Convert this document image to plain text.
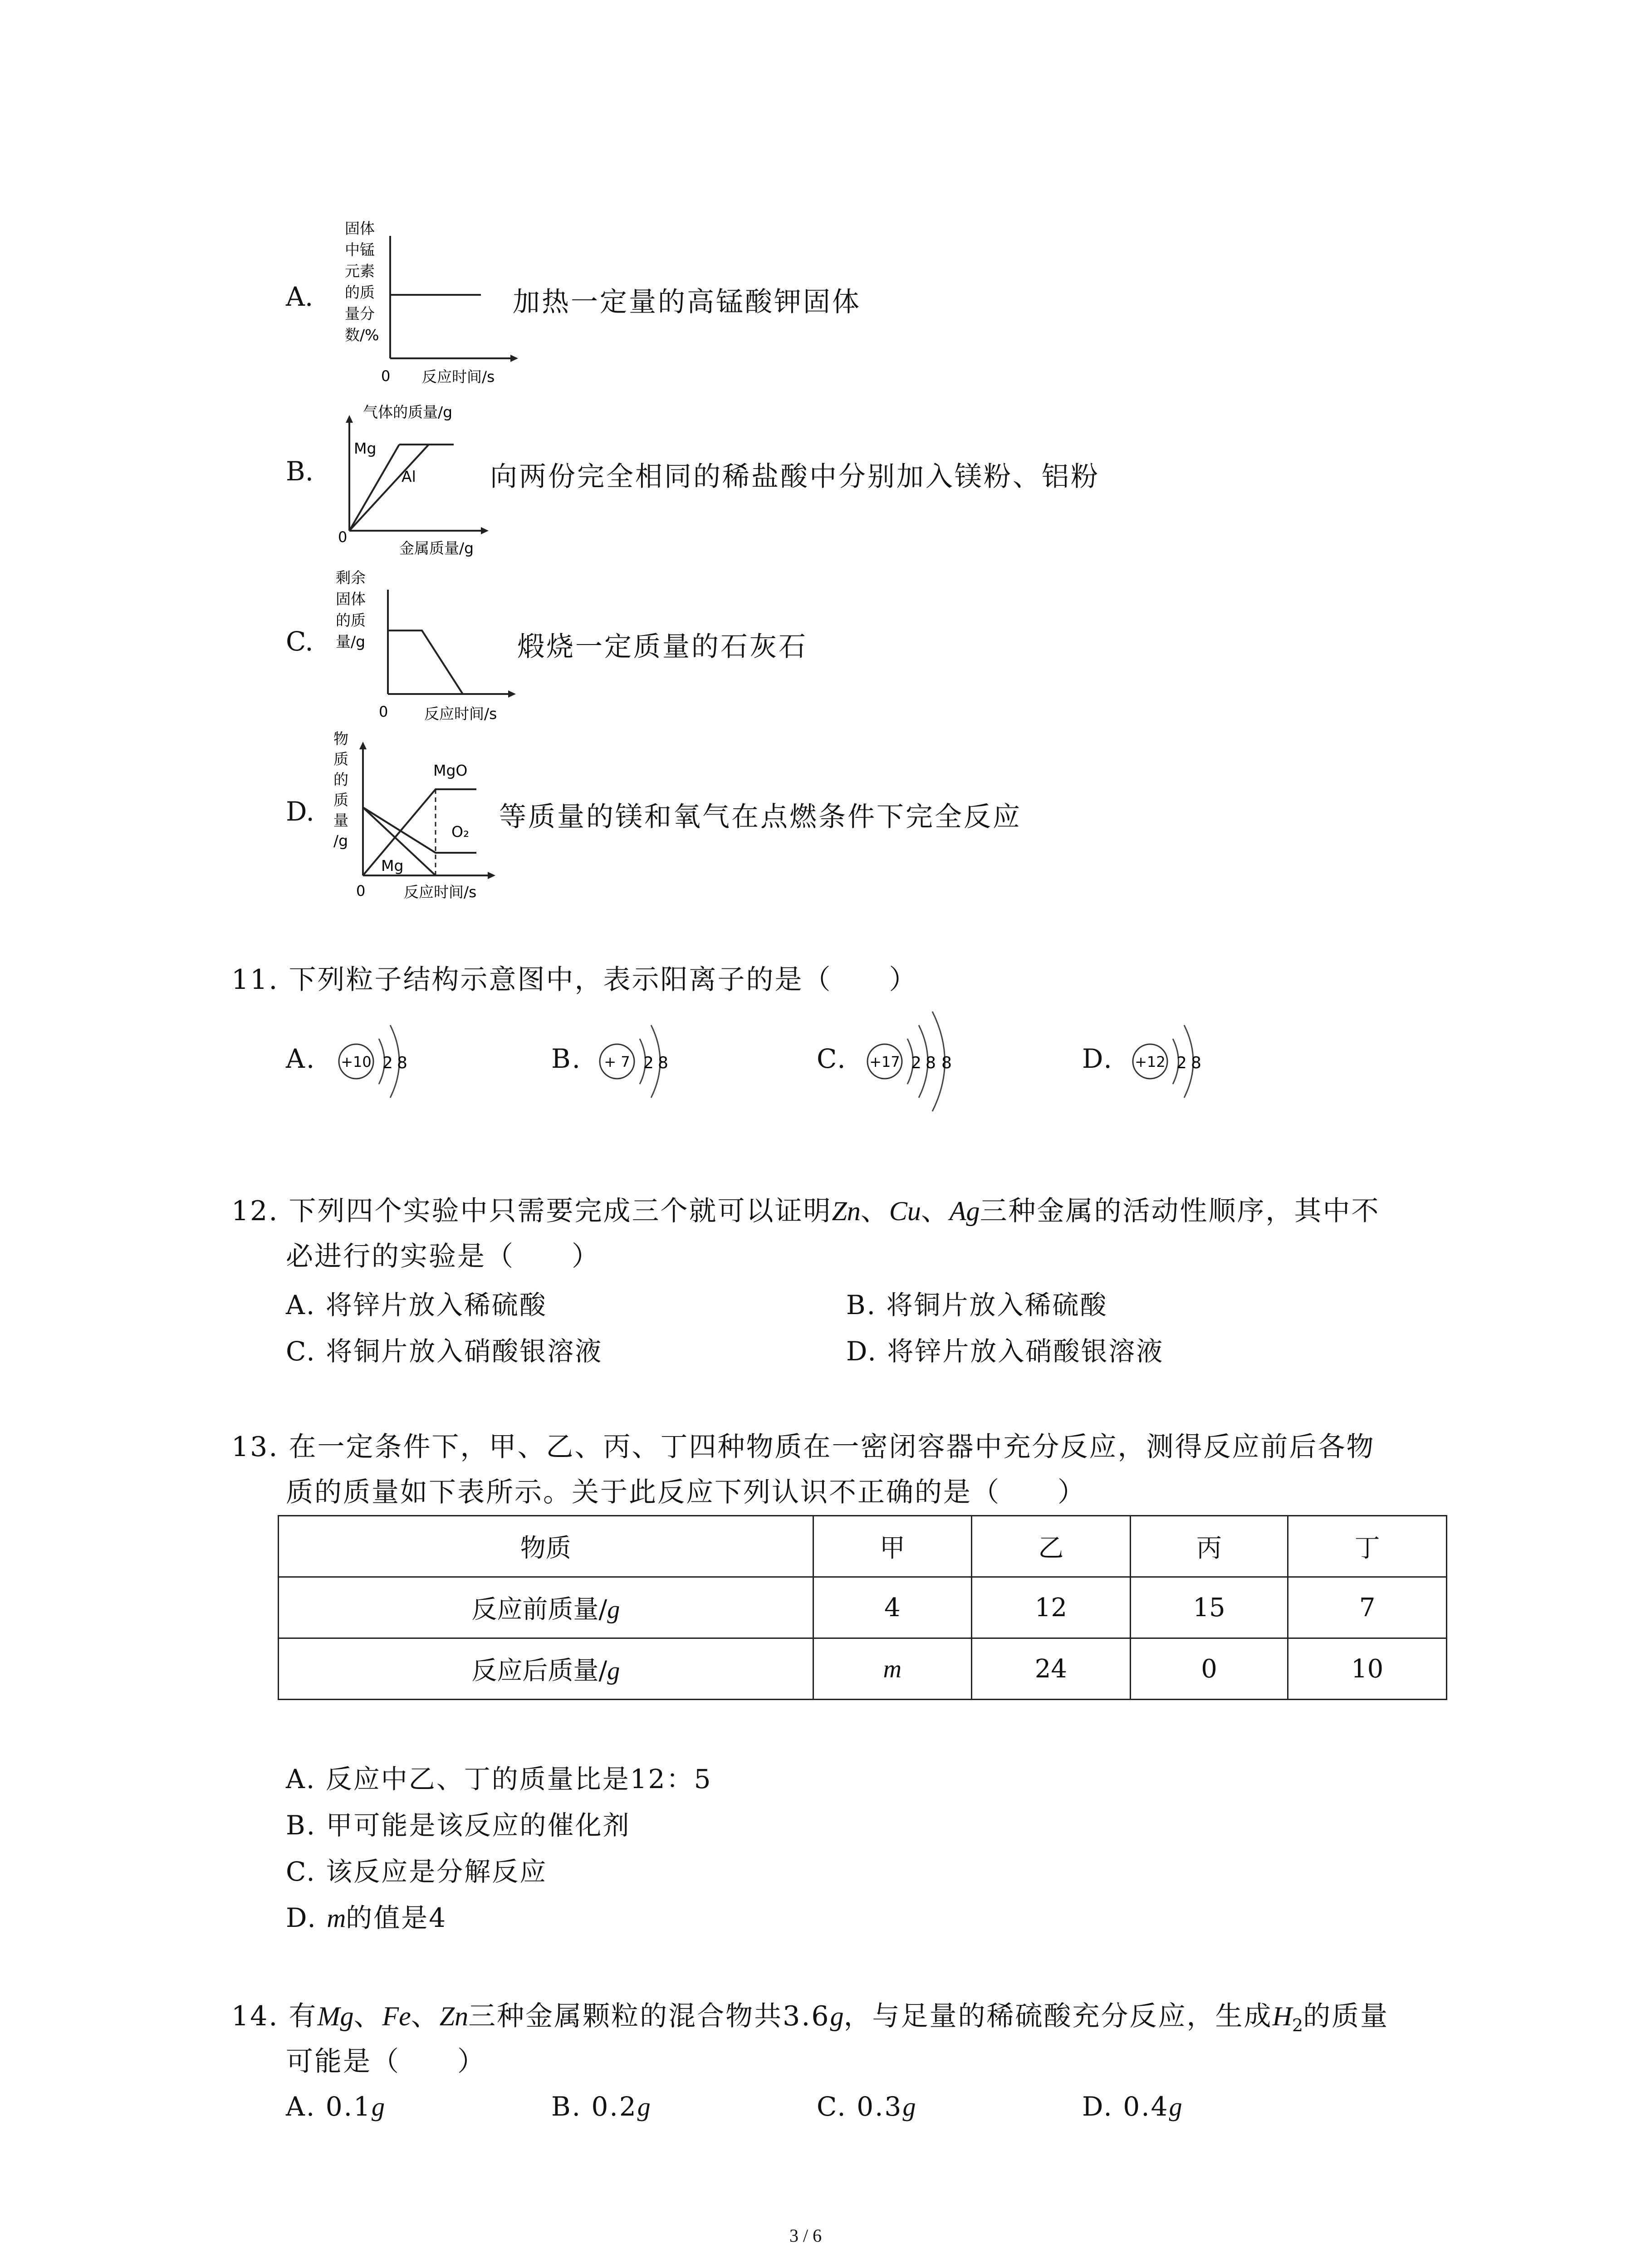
A.
固体
中锰
元素
的质
量分
数/%
0 反应时间/s
加热一定量的高锰酸钾固体
B.
气体的质量/g
Mg
Al
0
金属质量/g
向两份完全相同的稀盐酸中分别加入镁粉、铝粉
C.
剩余
固体
的质
量/g
0 反应时间/s
煅烧一定质量的石灰石
D.
物
质
的
质
量
/g
MgO
O₂
Mg
0	反应时间/s
等质量的镁和氧气在点燃条件下完全反应
11. 下列粒子结构示意图中，表示阳离子的是（　　）
A. +10 2 8	B. + 7 2 8	C. +17 2 8 8	D. +12 2 8
12. 下列四个实验中只需要完成三个就可以证明Zn、Cu、Ag三种金属的活动性顺序，其中不
必进行的实验是（　　）
A. 将锌片放入稀硫酸	B. 将铜片放入稀硫酸
C. 将铜片放入硝酸银溶液	D. 将锌片放入硝酸银溶液
13. 在一定条件下，甲、乙、丙、丁四种物质在一密闭容器中充分反应，测得反应前后各物
质的质量如下表所示。关于此反应下列认识不正确的是（　　）
物质	甲	乙	丙	丁
反应前质量/g	4	12	15	7
反应后质量/g	m	24	0	10
A. 反应中乙、丁的质量比是12：5
B. 甲可能是该反应的催化剂
C. 该反应是分解反应
D. m的值是4
14. 有Mg、Fe、Zn三种金属颗粒的混合物共3.6g，与足量的稀硫酸充分反应，生成$H_2$的质量
可能是（　　）
A. 0.1g	B. 0.2g	C. 0.3g	D. 0.4g
3 / 6
